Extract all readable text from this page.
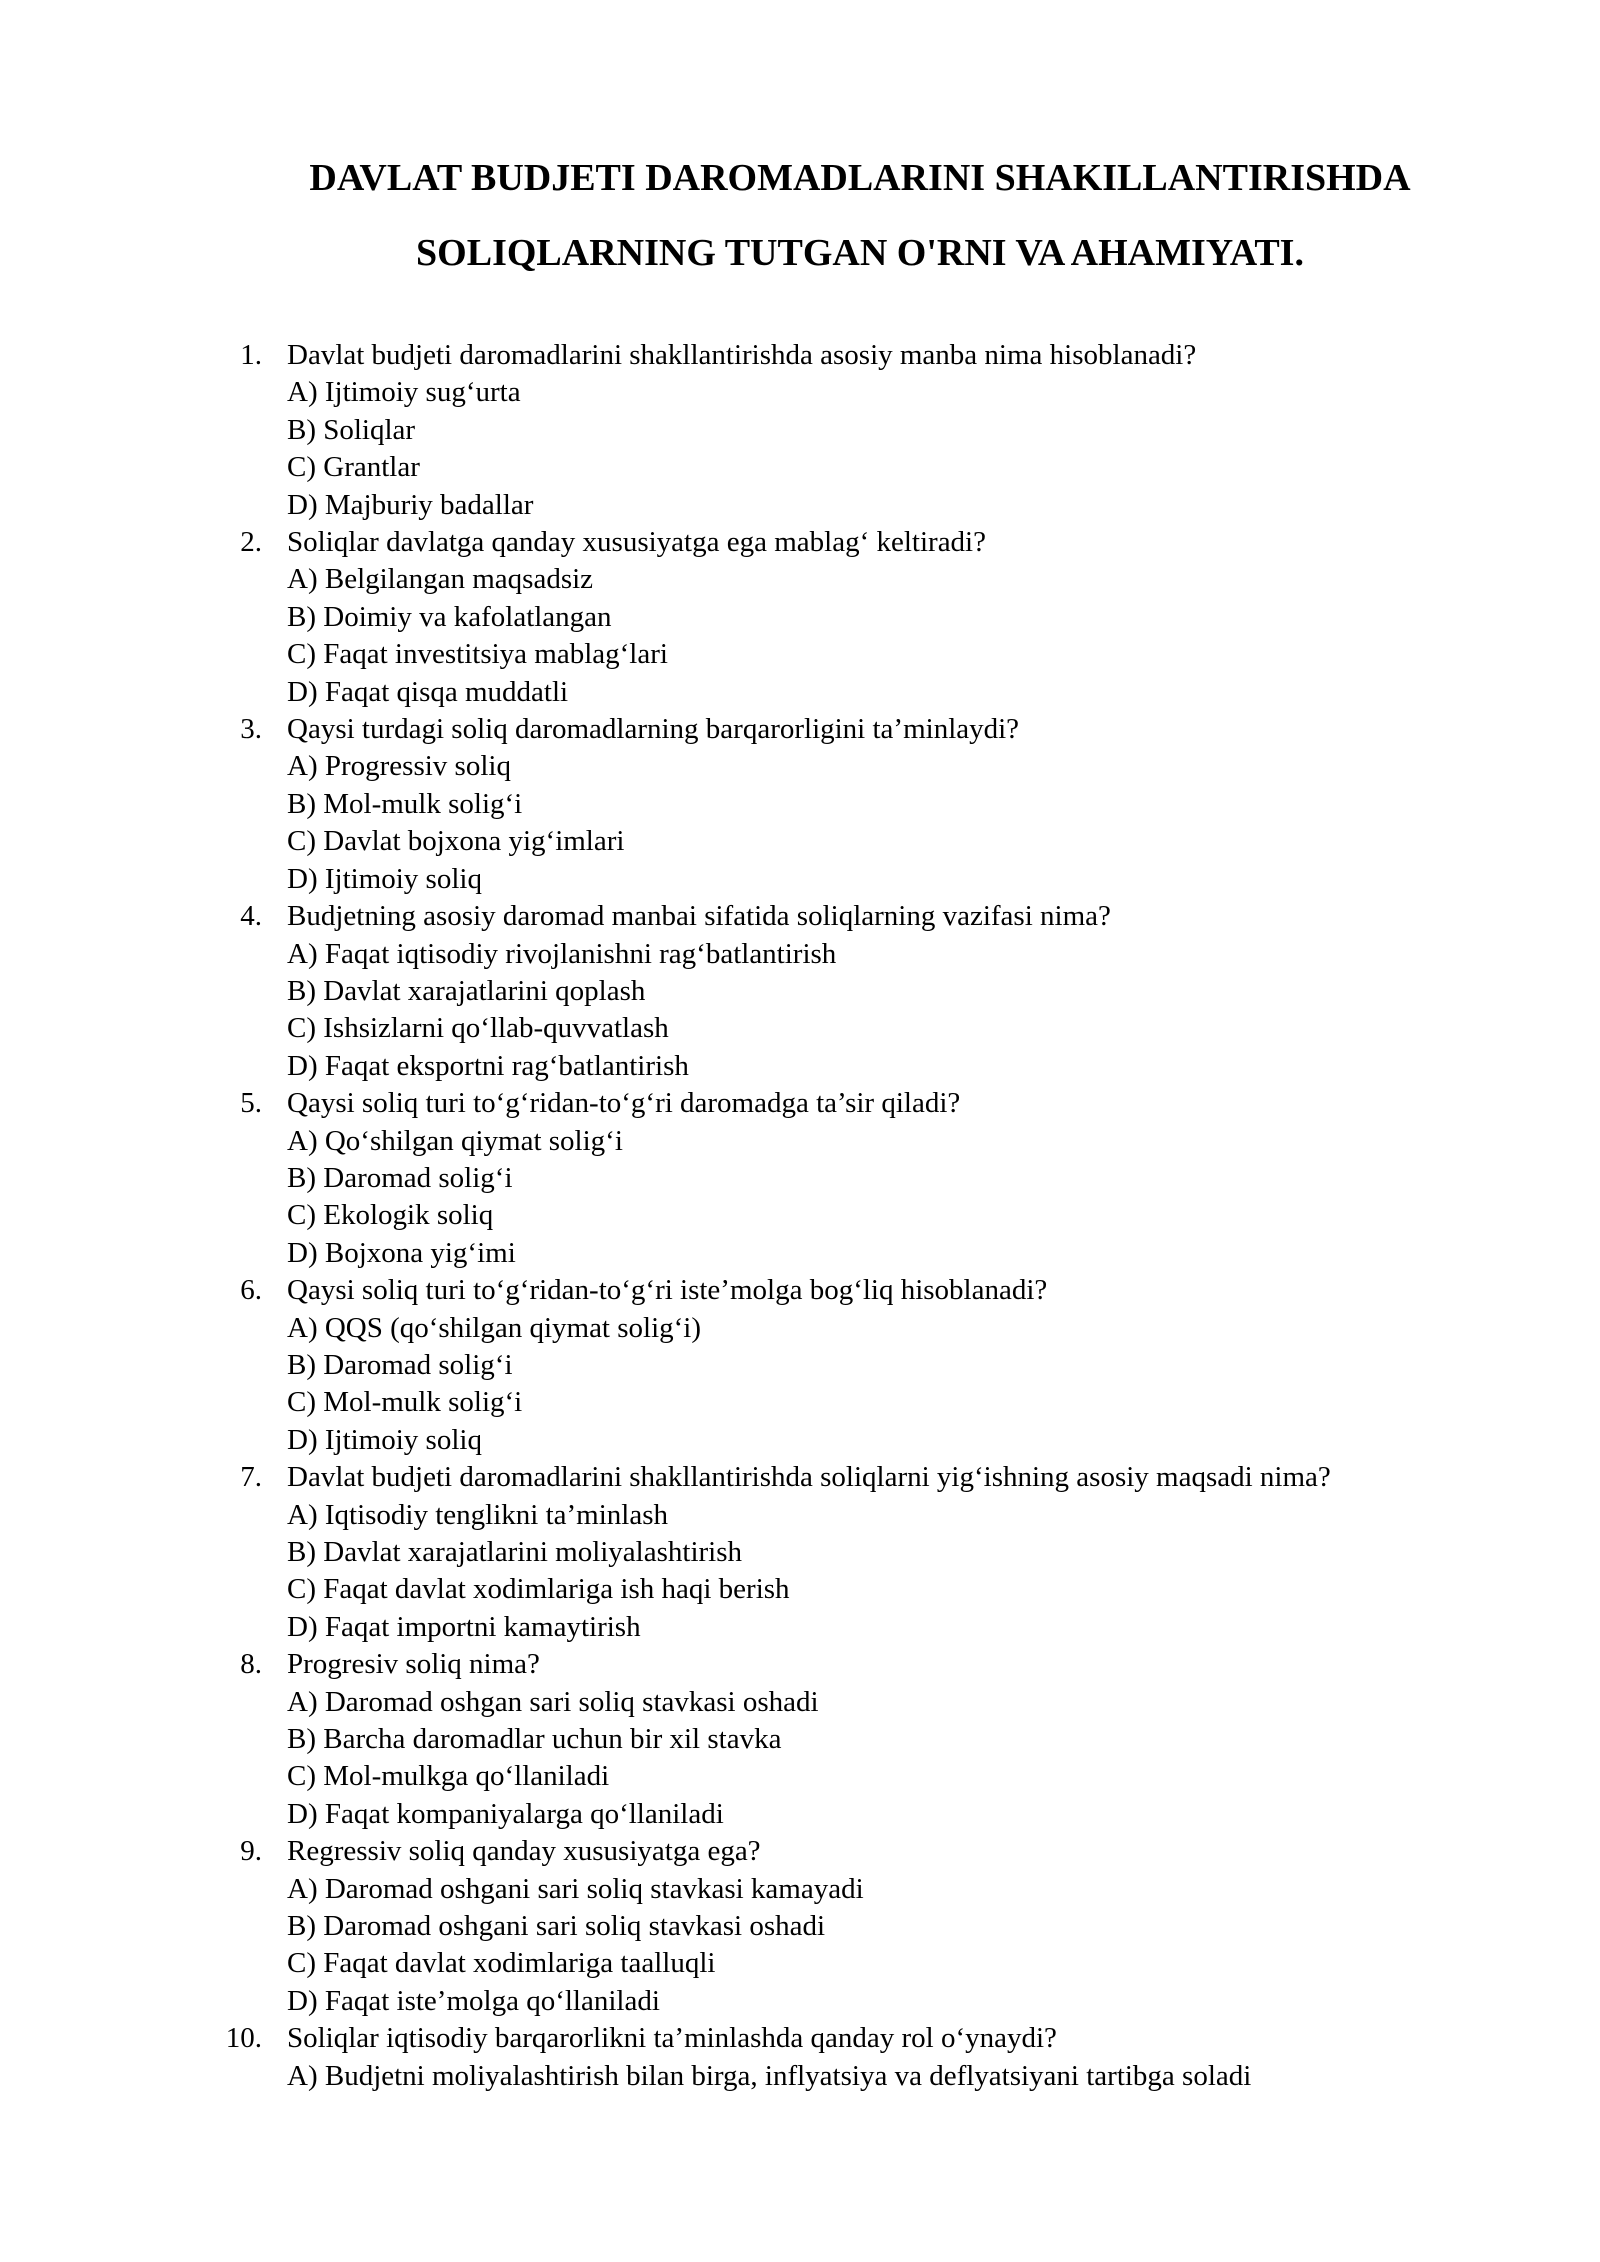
DAVLAT BUDJETI DAROMADLARINI SHAKILLANTIRISHDA
SOLIQLARNING TUTGAN O'RNI VA AHAMIYATI.
1. Davlat budjeti daromadlarini shakllantirishda asosiy manba nima hisoblanadi?
A) Ijtimoiy sug‘urta
B) Soliqlar
C) Grantlar
D) Majburiy badallar
2. Soliqlar davlatga qanday xususiyatga ega mablag‘ keltiradi?
A) Belgilangan maqsadsiz
B) Doimiy va kafolatlangan
C) Faqat investitsiya mablag‘lari
D) Faqat qisqa muddatli
3. Qaysi turdagi soliq daromadlarning barqarorligini ta’minlaydi?
A) Progressiv soliq
B) Mol-mulk solig‘i
C) Davlat bojxona yig‘imlari
D) Ijtimoiy soliq
4. Budjetning asosiy daromad manbai sifatida soliqlarning vazifasi nima?
A) Faqat iqtisodiy rivojlanishni rag‘batlantirish
B) Davlat xarajatlarini qoplash
C) Ishsizlarni qo‘llab-quvvatlash
D) Faqat eksportni rag‘batlantirish
5. Qaysi soliq turi to‘g‘ridan-to‘g‘ri daromadga ta’sir qiladi?
A) Qo‘shilgan qiymat solig‘i
B) Daromad solig‘i
C) Ekologik soliq
D) Bojxona yig‘imi
6. Qaysi soliq turi to‘g‘ridan-to‘g‘ri iste’molga bog‘liq hisoblanadi?
A) QQS (qo‘shilgan qiymat solig‘i)
B) Daromad solig‘i
C) Mol-mulk solig‘i
D) Ijtimoiy soliq
7. Davlat budjeti daromadlarini shakllantirishda soliqlarni yig‘ishning asosiy maqsadi nima?
A) Iqtisodiy tenglikni ta’minlash
B) Davlat xarajatlarini moliyalashtirish
C) Faqat davlat xodimlariga ish haqi berish
D) Faqat importni kamaytirish
8. Progresiv soliq nima?
A) Daromad oshgan sari soliq stavkasi oshadi
B) Barcha daromadlar uchun bir xil stavka
C) Mol-mulkga qo‘llaniladi
D) Faqat kompaniyalarga qo‘llaniladi
9. Regressiv soliq qanday xususiyatga ega?
A) Daromad oshgani sari soliq stavkasi kamayadi
B) Daromad oshgani sari soliq stavkasi oshadi
C) Faqat davlat xodimlariga taalluqli
D) Faqat iste’molga qo‘llaniladi
10. Soliqlar iqtisodiy barqarorlikni ta’minlashda qanday rol o‘ynaydi?
A) Budjetni moliyalashtirish bilan birga, inflyatsiya va deflyatsiyani tartibga soladi
